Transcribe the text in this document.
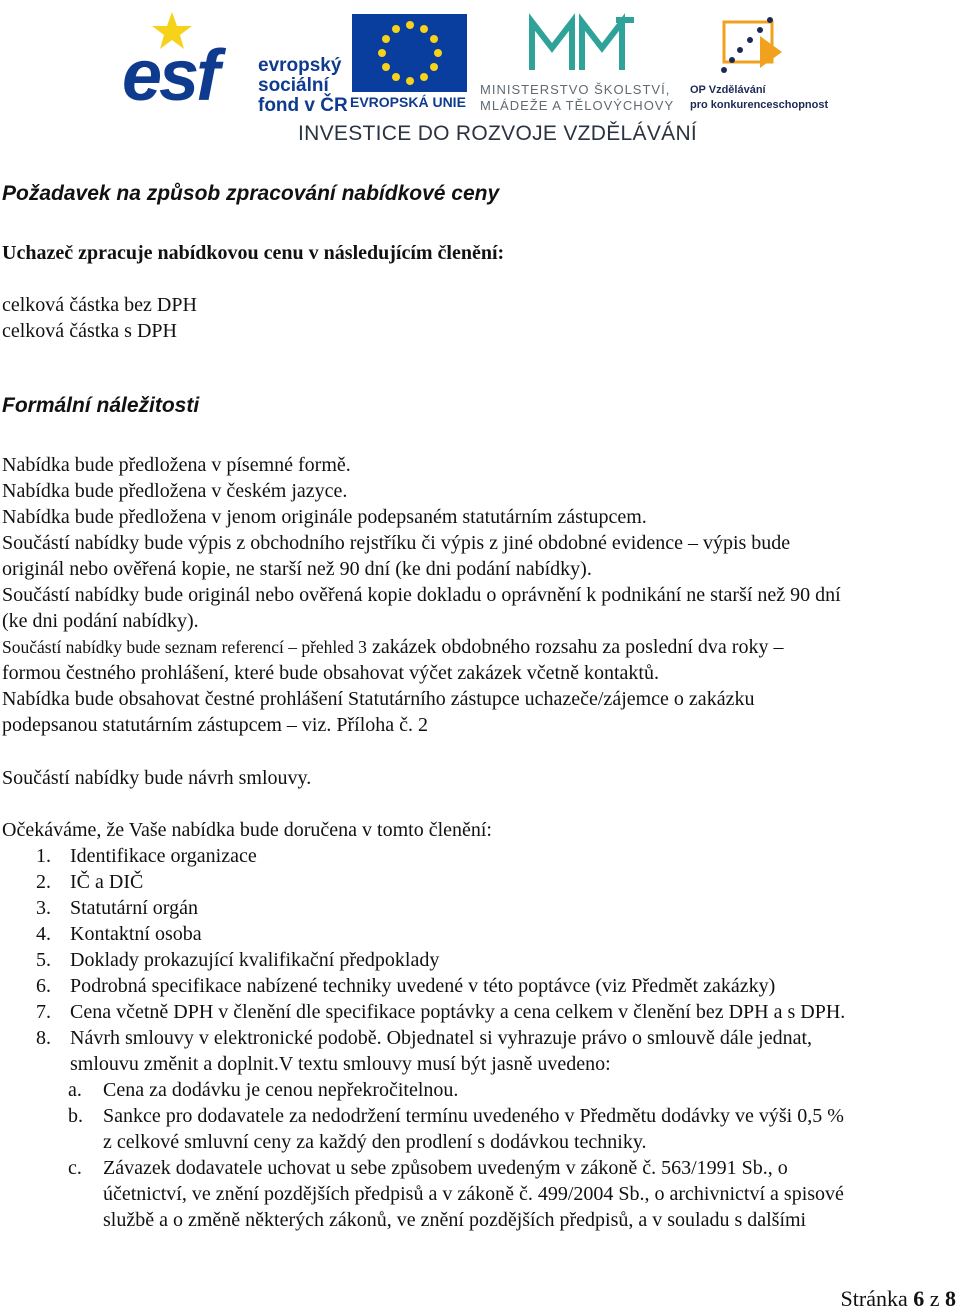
esf evropský
sociální
fond v ČR EVROPSKÁ UNIE
MINISTERSTVO ŠKOLSTVÍ,
MLÁDEŽE A TĚLOVÝCHOVY
OP Vzdělávání
pro konkurenceschopnost
INVESTICE DO ROZVOJE VZDĚLÁVÁNÍ
Požadavek na způsob zpracování nabídkové ceny
Uchazeč zpracuje nabídkovou cenu v následujícím členění:
celková částka bez DPH
celková částka s DPH
Formální náležitosti
Nabídka bude předložena v písemné formě.
Nabídka bude předložena v českém jazyce.
Nabídka bude předložena v jenom originále podepsaném statutárním zástupcem.
Součástí nabídky bude výpis z obchodního rejstříku či výpis z jiné obdobné evidence – výpis bude
originál nebo ověřená kopie, ne starší než 90 dní (ke dni podání nabídky).
Součástí nabídky bude originál nebo ověřená kopie dokladu o oprávnění k podnikání ne starší než 90 dní
(ke dni podání nabídky).
Součástí nabídky bude seznam referencí – přehled 3 zakázek obdobného rozsahu za poslední dva roky –
formou čestného prohlášení, které bude obsahovat výčet zakázek včetně kontaktů.
Nabídka bude obsahovat čestné prohlášení Statutárního zástupce uchazeče/zájemce o zakázku
podepsanou statutárním zástupcem – viz. Příloha č. 2
Součástí nabídky bude návrh smlouvy.
Očekáváme, že Vaše nabídka bude doručena v tomto členění:
1. Identifikace organizace
2. IČ a DIČ
3. Statutární orgán
4. Kontaktní osoba
5. Doklady prokazující kvalifikační předpoklady
6. Podrobná specifikace nabízené techniky uvedené v této poptávce (viz Předmět zakázky)
7. Cena včetně DPH v členění dle specifikace poptávky a cena celkem v členění bez DPH a s DPH.
8. Návrh smlouvy v elektronické podobě. Objednatel si vyhrazuje právo o smlouvě dále jednat,
smlouvu změnit a doplnit.V textu smlouvy musí být jasně uvedeno:
a. Cena za dodávku je cenou nepřekročitelnou.
b. Sankce pro dodavatele za nedodržení termínu uvedeného v Předmětu dodávky ve výši 0,5 %
z celkové smluvní ceny za každý den prodlení s dodávkou techniky.
c. Závazek dodavatele uchovat u sebe způsobem uvedeným v zákoně č. 563/1991 Sb., o
účetnictví, ve znění pozdějších předpisů a v zákoně č. 499/2004 Sb., o archivnictví a spisové
službě a o změně některých zákonů, ve znění pozdějších předpisů, a v souladu s dalšími
Stránka 6 z 8
